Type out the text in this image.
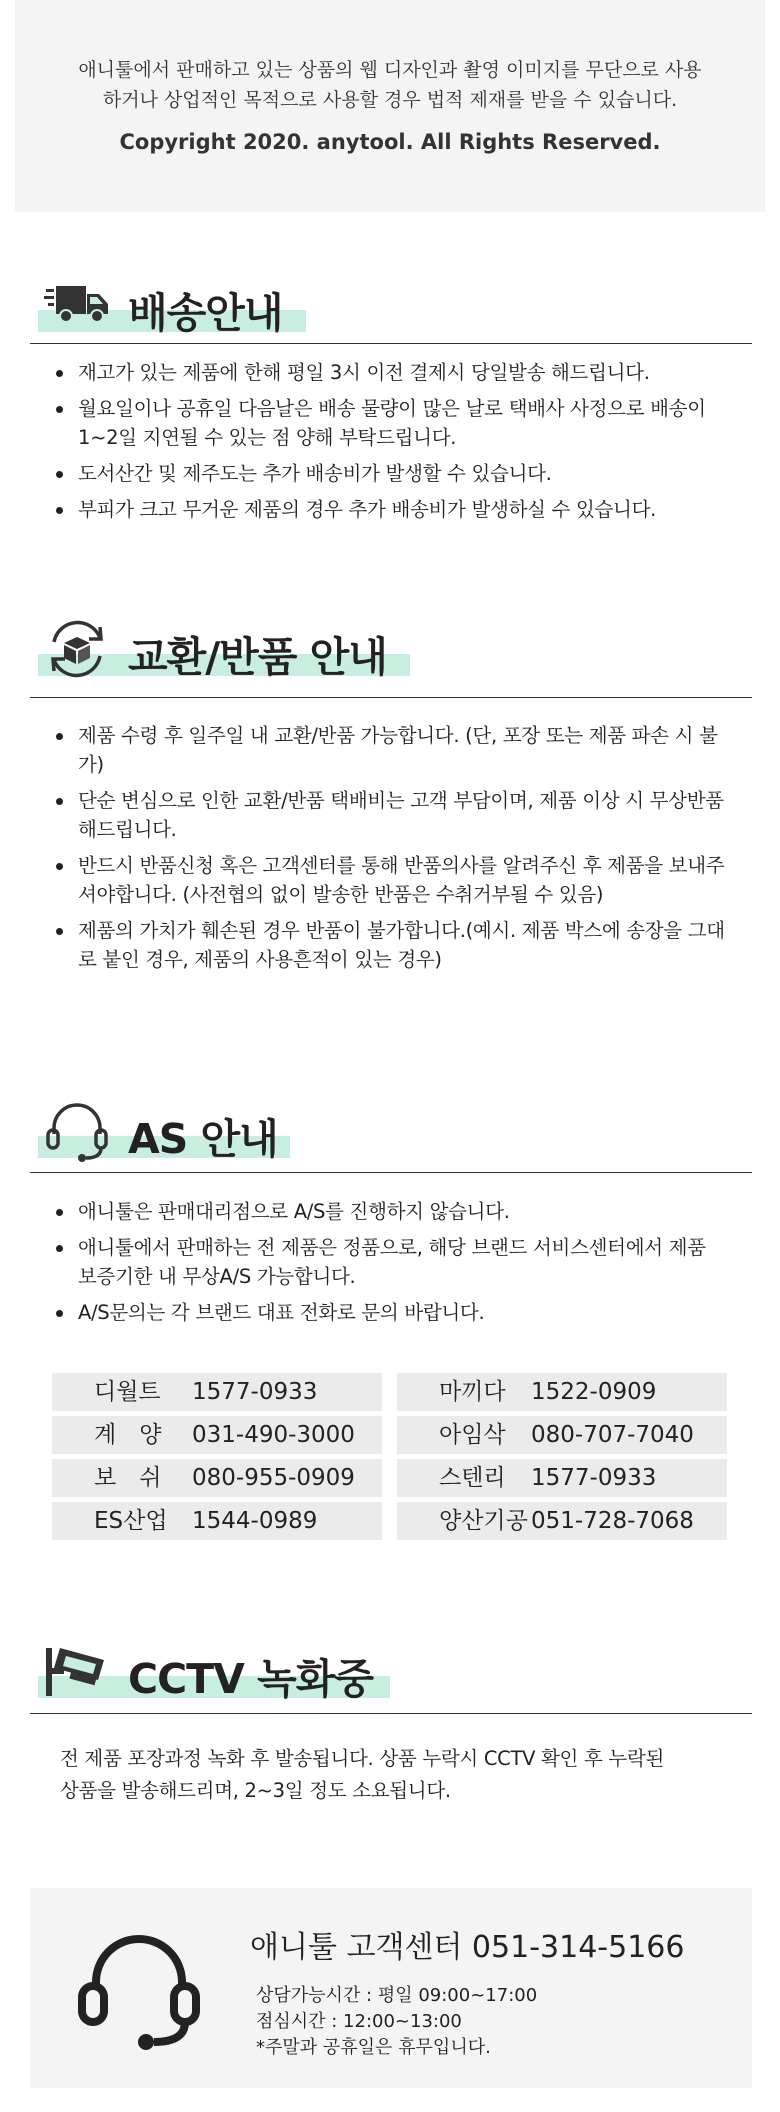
애니툴에서 판매하고 있는 상품의 웹 디자인과 촬영 이미지를 무단으로 사용
하거나 상업적인 목적으로 사용할 경우 법적 제재를 받을 수 있습니다.
Copyright 2020. anytool. All Rights Reserved.
배송안내
재고가 있는 제품에 한해 평일 3시 이전 결제시 당일발송 해드립니다.
월요일이나 공휴일 다음날은 배송 물량이 많은 날로 택배사 사정으로 배송이 1~2일 지연될 수 있는 점 양해 부탁드립니다.
도서산간 및 제주도는 추가 배송비가 발생할 수 있습니다.
부피가 크고 무거운 제품의 경우 추가 배송비가 발생하실 수 있습니다.
교환/반품 안내
제품 수령 후 일주일 내 교환/반품 가능합니다. (단, 포장 또는 제품 파손 시 불가)
단순 변심으로 인한 교환/반품 택배비는 고객 부담이며, 제품 이상 시 무상반품해드립니다.
반드시 반품신청 혹은 고객센터를 통해 반품의사를 알려주신 후 제품을 보내주셔야합니다. (사전협의 없이 발송한 반품은 수취거부될 수 있음)
제품의 가치가 훼손된 경우 반품이 불가합니다.(예시. 제품 박스에 송장을 그대로 붙인 경우, 제품의 사용흔적이 있는 경우)
AS 안내
애니툴은 판매대리점으로 A/S를 진행하지 않습니다.
애니툴에서 판매하는 전 제품은 정품으로, 해당 브랜드 서비스센터에서 제품 보증기한 내 무상A/S 가능합니다.
A/S문의는 각 브랜드 대표 전화로 문의 바랍니다.
디월트 1577-0933	마끼다 1522-0909
계　양 031-490-3000	아임삭 080-707-7040
보　쉬 080-955-0909	스텐리 1577-0933
ES산업 1544-0989	양산기공 051-728-7068
CCTV 녹화중
전 제품 포장과정 녹화 후 발송됩니다. 상품 누락시 CCTV 확인 후 누락된
상품을 발송해드리며, 2~3일 정도 소요됩니다.
애니툴 고객센터 051-314-5166
상담가능시간 : 평일 09:00~17:00
점심시간 : 12:00~13:00
*주말과 공휴일은 휴무입니다.
